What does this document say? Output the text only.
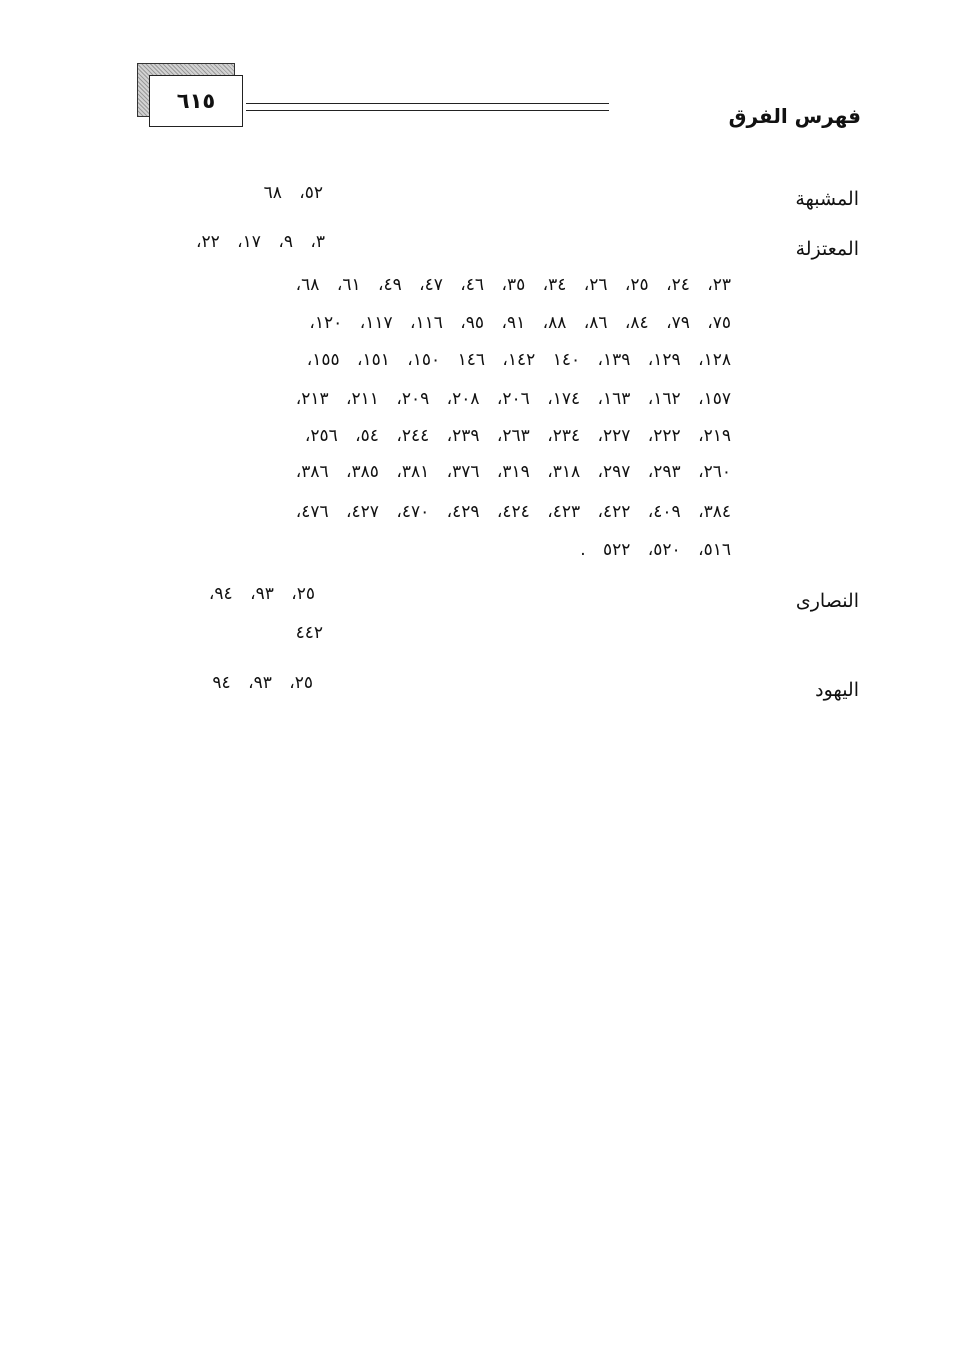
٦١٥
فهرس الفرق
المشبهة
٥٢، ٦٨
المعتزلة
٣، ٩، ١٧، ٢٢،
٢٣، ٢٤، ٢٥، ٢٦، ٣٤، ٣٥، ٤٦، ٤٧، ٤٩، ٦١، ٦٨،
٧٥، ٧٩، ٨٤، ٨٦، ٨٨، ٩١، ٩٥، ١١٦، ١١٧، ١٢٠،
١٢٨، ١٢٩، ١٣٩، ١٤٠ ١٤٢، ١٤٦ ١٥٠، ١٥١، ١٥٥،
١٥٧، ١٦٢، ١٦٣، ١٧٤، ٢٠٦، ٢٠٨، ٢٠٩، ٢١١، ٢١٣،
٢١٩، ٢٢٢، ٢٢٧، ٢٣٤، ٢٦٣، ٢٣٩، ٢٤٤، ٥٤، ٢٥٦،
٢٦٠، ٢٩٣، ٢٩٧، ٣١٨، ٣١٩، ٣٧٦، ٣٨١، ٣٨٥، ٣٨٦،
٣٨٤، ٤٠٩، ٤٢٢، ٤٢٣، ٤٢٤، ٤٢٩، ٤٧٠، ٤٢٧، ٤٧٦،
٥١٦، ٥٢٠، ٥٢٢ .
النصارى
٢٥، ٩٣، ٩٤،
٤٤٢
اليهود
٢٥، ٩٣، ٩٤
